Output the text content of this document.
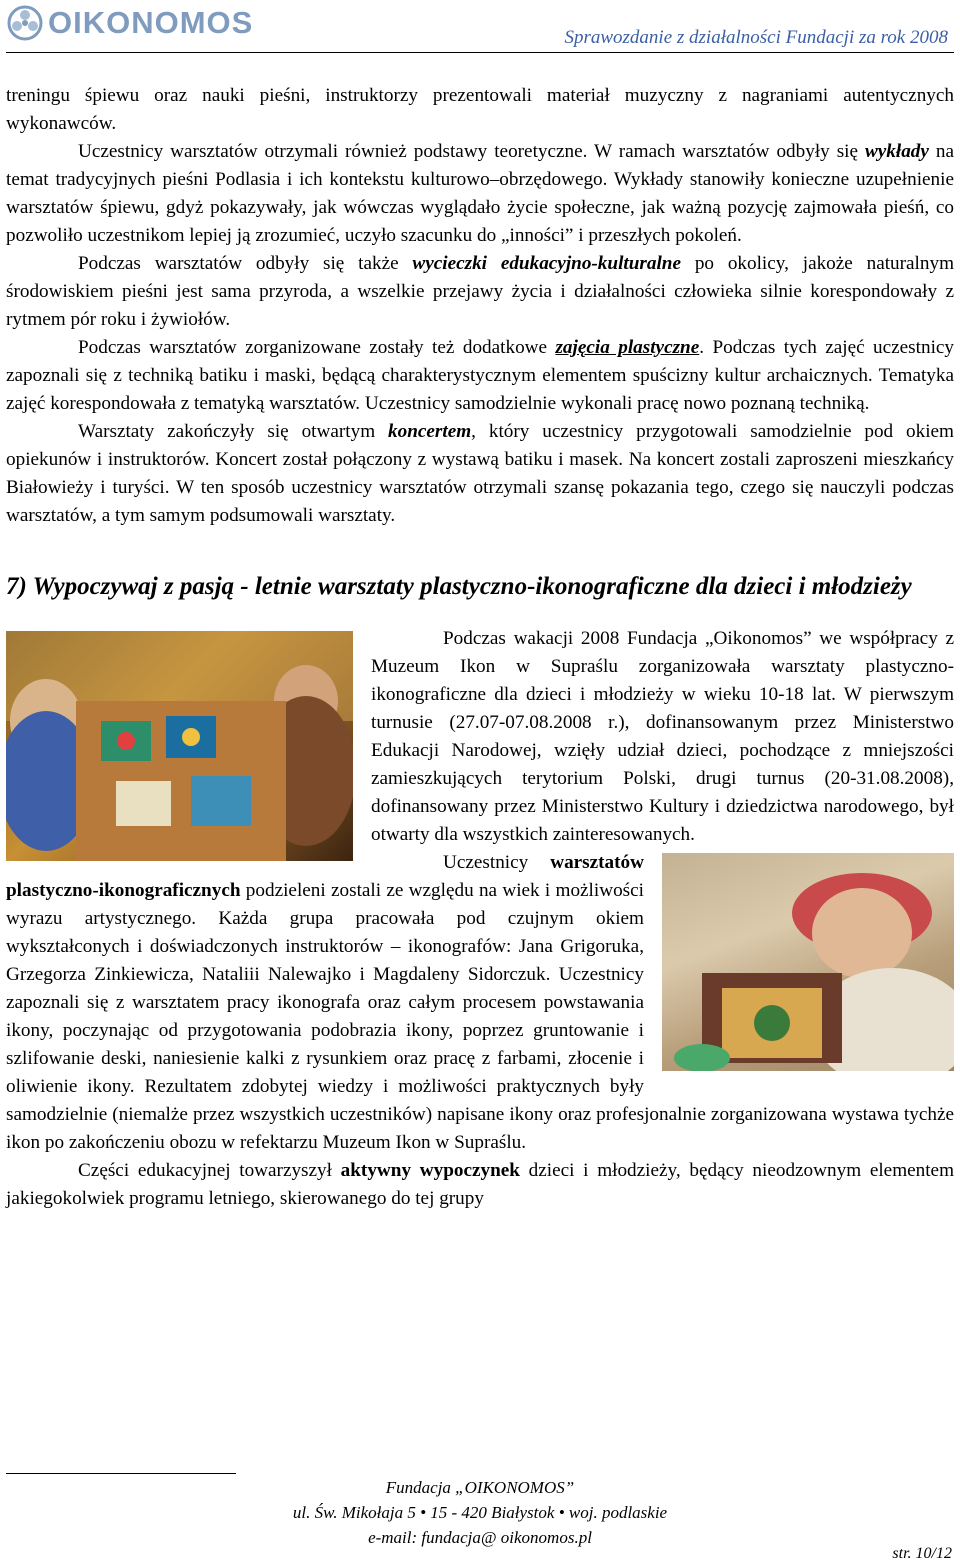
OIKONOMOS	Sprawozdanie z działalności Fundacji za rok 2008

treningu śpiewu oraz nauki pieśni, instruktorzy prezentowali materiał muzyczny z nagraniami autentycznych wykonawców.

Uczestnicy warsztatów otrzymali również podstawy teoretyczne. W ramach warsztatów odbyły się wykłady na temat tradycyjnych pieśni Podlasia i ich kontekstu kulturowo–obrzędowego. Wykłady stanowiły konieczne uzupełnienie warsztatów śpiewu, gdyż pokazywały, jak wówczas wyglądało życie społeczne, jak ważną pozycję zajmowała pieśń, co pozwoliło uczestnikom lepiej ją zrozumieć, uczyło szacunku do „inności” i przeszłych pokoleń.

Podczas warsztatów odbyły się także wycieczki edukacyjno-kulturalne po okolicy, jakoże naturalnym środowiskiem pieśni jest sama przyroda, a wszelkie przejawy życia i działalności człowieka silnie korespondowały z rytmem pór roku i żywiołów.

Podczas warsztatów zorganizowane zostały też dodatkowe zajęcia plastyczne. Podczas tych zajęć uczestnicy zapoznali się z techniką batiku i maski, będącą charakterystycznym elementem spuścizny kultur archaicznych. Tematyka zajęć korespondowała z tematyką warsztatów. Uczestnicy samodzielnie wykonali pracę nowo poznaną techniką.

Warsztaty zakończyły się otwartym koncertem, który uczestnicy przygotowali samodzielnie pod okiem opiekunów i instruktorów. Koncert został połączony z wystawą batiku i masek. Na koncert zostali zaproszeni mieszkańcy Białowieży i turyści. W ten sposób uczestnicy warsztatów otrzymali szansę pokazania tego, czego się nauczyli podczas warsztatów, a tym samym podsumowali warsztaty.

7) Wypoczywaj z pasją - letnie warsztaty plastyczno-ikonograficzne dla dzieci i młodzieży

Podczas wakacji 2008 Fundacja „Oikonomos” we współpracy z Muzeum Ikon w Supraślu zorganizowała warsztaty plastyczno-ikonograficzne dla dzieci i młodzieży w wieku 10-18 lat. W pierwszym turnusie (27.07-07.08.2008 r.), dofinansowanym przez Ministerstwo Edukacji Narodowej, wzięły udział dzieci, pochodzące z mniejszości zamieszkujących terytorium Polski, drugi turnus (20-31.08.2008), dofinansowany przez Ministerstwo Kultury i dziedzictwa narodowego, był otwarty dla wszystkich zainteresowanych.

Uczestnicy warsztatów plastyczno-ikonograficznych podzieleni zostali ze względu na wiek i możliwości wyrazu artystycznego. Każda grupa pracowała pod czujnym okiem wykształconych i doświadczonych instruktorów – ikonografów: Jana Grigoruka, Grzegorza Zinkiewicza, Nataliii Nalewajko i Magdaleny Sidorczuk. Uczestnicy zapoznali się z warsztatem pracy ikonografa oraz całym procesem powstawania ikony, poczynając od przygotowania podobrazia ikony, poprzez gruntowanie i szlifowanie deski, naniesienie kalki z rysunkiem oraz pracę z farbami, złocenie i oliwienie ikony. Rezultatem zdobytej wiedzy i możliwości praktycznych były samodzielnie (niemalże przez wszystkich uczestników) napisane ikony oraz profesjonalnie zorganizowana wystawa tychże ikon po zakończeniu obozu w refektarzu Muzeum Ikon w Supraślu.

Części edukacyjnej towarzyszył aktywny wypoczynek dzieci i młodzieży, będący nieodzownym elementem jakiegokolwiek programu letniego, skierowanego do tej grupy

Fundacja „OIKONOMOS”
ul. Św. Mikołaja 5 • 15 - 420 Białystok • woj. podlaskie
e-mail: fundacja@ oikonomos.pl
str. 10/12
